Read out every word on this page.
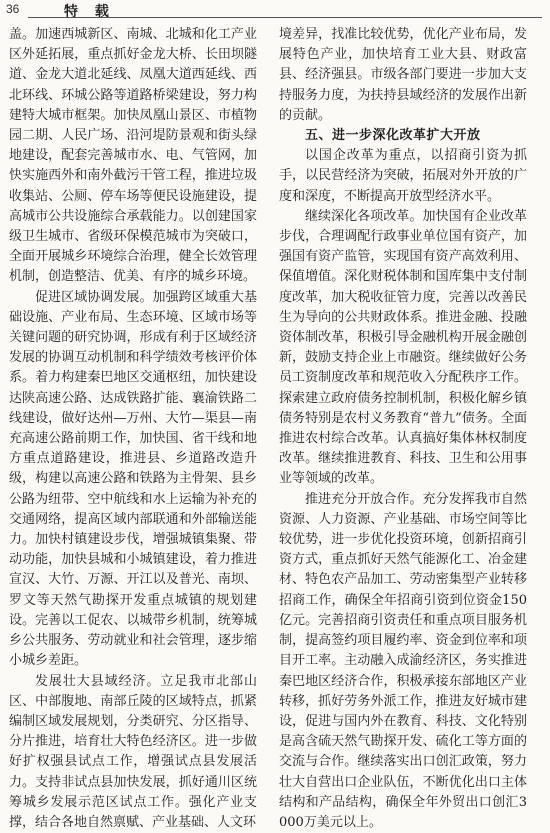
36	特 载

盖。加速西城新区、南城、北城和化工产业区外延拓展，重点抓好金龙大桥、长田坝隧道、金龙大道北延线、凤凰大道西延线、西北环线、环城公路等道路桥梁建设，努力构建特大城市框架。加快凤凰山景区、市植物园二期、人民广场、沿河堤防景观和街头绿地建设，配套完善城市水、电、气管网，加快实施西外和南外截污干管工程，推进垃圾收集站、公厕、停车场等便民设施建设，提高城市公共设施综合承载能力。以创建国家级卫生城市、省级环保模范城市为突破口，全面开展城乡环境综合治理，健全长效管理机制，创造整洁、优美、有序的城乡环境。

促进区域协调发展。加强跨区域重大基础设施、产业布局、生态环境、区域市场等关键问题的研究协调，形成有利于区域经济发展的协调互动机制和科学绩效考核评价体系。着力构建秦巴地区交通枢纽，加快建设达陕高速公路、达成铁路扩能、襄渝铁路二线建设，做好达州—万州、大竹—渠县—南充高速公路前期工作，加快国、省干线和地方重点道路建设，推进县、乡道路改造升级，构建以高速公路和铁路为主骨架、县乡公路为纽带、空中航线和水上运输为补充的交通网络，提高区域内部联通和外部输送能力。加快村镇建设步伐，增强城镇集聚、带动功能，加快县城和小城镇建设，着力推进宣汉、大竹、万源、开江以及普光、南坝、罗文等天然气勘探开发重点城镇的规划建设。完善以工促农、以城带乡机制，统筹城乡公共服务、劳动就业和社会管理，逐步缩小城乡差距。

发展壮大县域经济。立足我市北部山区、中部腹地、南部丘陵的区域特点，抓紧编制区域发展规划，分类研究、分区指导、分片推进，培育壮大特色经济区。进一步做好扩权强县试点工作，增强试点县发展活力。支持非试点县加快发展，抓好通川区统筹城乡发展示范区试点工作。强化产业支撑，结合各地自然禀赋、产业基础、人文环

境差异，找准比较优势，优化产业布局，发展特色产业，加快培育工业大县、财政富县、经济强县。市级各部门要进一步加大支持服务力度，为扶持县域经济的发展作出新的贡献。

五、进一步深化改革扩大开放

以国企改革为重点，以招商引资为抓手，以民营经济为突破，拓展对外开放的广度和深度，不断提高开放型经济水平。

继续深化各项改革。加快国有企业改革步伐，合理调配行政事业单位国有资产，加强国有资产监管，实现国有资产高效利用、保值增值。深化财税体制和国库集中支付制度改革，加大税收征管力度，完善以改善民生为导向的公共财政体系。推进金融、投融资体制改革，积极引导金融机构开展金融创新，鼓励支持企业上市融资。继续做好公务员工资制度改革和规范收入分配秩序工作。探索建立政府债务控制机制，积极化解乡镇债务特别是农村义务教育“普九”债务。全面推进农村综合改革。认真搞好集体林权制度改革。继续推进教育、科技、卫生和公用事业等领域的改革。

推进充分开放合作。充分发挥我市自然资源、人力资源、产业基础、市场空间等比较优势，进一步优化投资环境，创新招商引资方式，重点抓好天然气能源化工、冶金建材、特色农产品加工、劳动密集型产业转移招商工作，确保全年招商引资到位资金150亿元。完善招商引资责任和重点项目服务机制，提高签约项目履约率、资金到位率和项目开工率。主动融入成渝经济区，务实推进秦巴地区经济合作，积极承接东部地区产业转移，抓好劳务外派工作，推进友好城市建设，促进与国内外在教育、科技、文化特别是高含硫天然气勘探开发、硫化工等方面的交流与合作。继续落实出口创汇政策，努力壮大自营出口企业队伍，不断优化出口主体结构和产品结构，确保全年外贸出口创汇3 000万美元以上。
